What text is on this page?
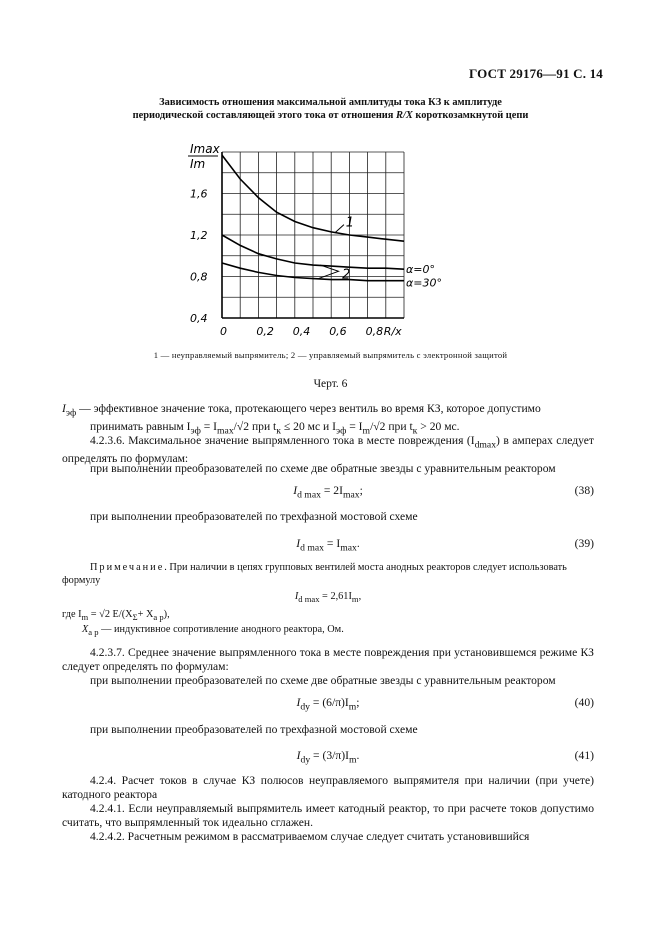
ГОСТ 29176—91 С. 14
Зависимость отношения максимальной амплитуды тока КЗ к амплитуде
периодической составляющей этого тока от отношения R/X короткозамкнутой цепи
Imax
Im
1,6
1,2
0,8
0,4
0	0,2 0,4 0,6 0,8 R/x
1
2	α=0°
α=30°
1 — неуправляемый выпрямитель; 2 — управляемый выпрямитель с электронной защитой
Черт. 6
$I_{эф}$ — эффективное значение тока, протекающего через вентиль во время КЗ, которое допустимо
принимать равным $I_{эф} = I_{max}/√2$ при $t_к \le 20$ мс и $I_{эф} = I_m/√2$ при $t_к > 20$ мс.
4.2.3.6. Максимальное значение выпрямленного тока в месте повреждения $(I_{dmax})$ в амперах следует определять по формулам:
при выполнении преобразователей по схеме две обратные звезды с уравнительным реактором
$I_{d max} = 2I_{max}$;	(38)
при выполнении преобразователей по трехфазной мостовой схеме
$I_{d max} = I_{max}$.	(39)
Примечание. При наличии в цепях групповых вентилей моста анодных реакторов следует использовать формулу
$I_{d max} = 2,61I_m$,
где $I_m = √2$ $E/(X_\Sigma+ X_{а р})$,
$X_{а р}$ — индуктивное сопротивление анодного реактора, Ом.
4.2.3.7. Среднее значение выпрямленного тока в месте повреждения при установившемся режиме КЗ следует определять по формулам:
при выполнении преобразователей по схеме две обратные звезды с уравнительным реактором
$I_{dy} = (6/\pi)I_m$;	(40)
при выполнении преобразователей по трехфазной мостовой схеме
$I_{dy} = (3/\pi)I_m$.	(41)
4.2.4. Расчет токов в случае КЗ полюсов неуправляемого выпрямителя при наличии (при учете) катодного реактора
4.2.4.1. Если неуправляемый выпрямитель имеет катодный реактор, то при расчете токов допустимо считать, что выпрямленный ток идеально сглажен.
4.2.4.2. Расчетным режимом в рассматриваемом случае следует считать установившийся
